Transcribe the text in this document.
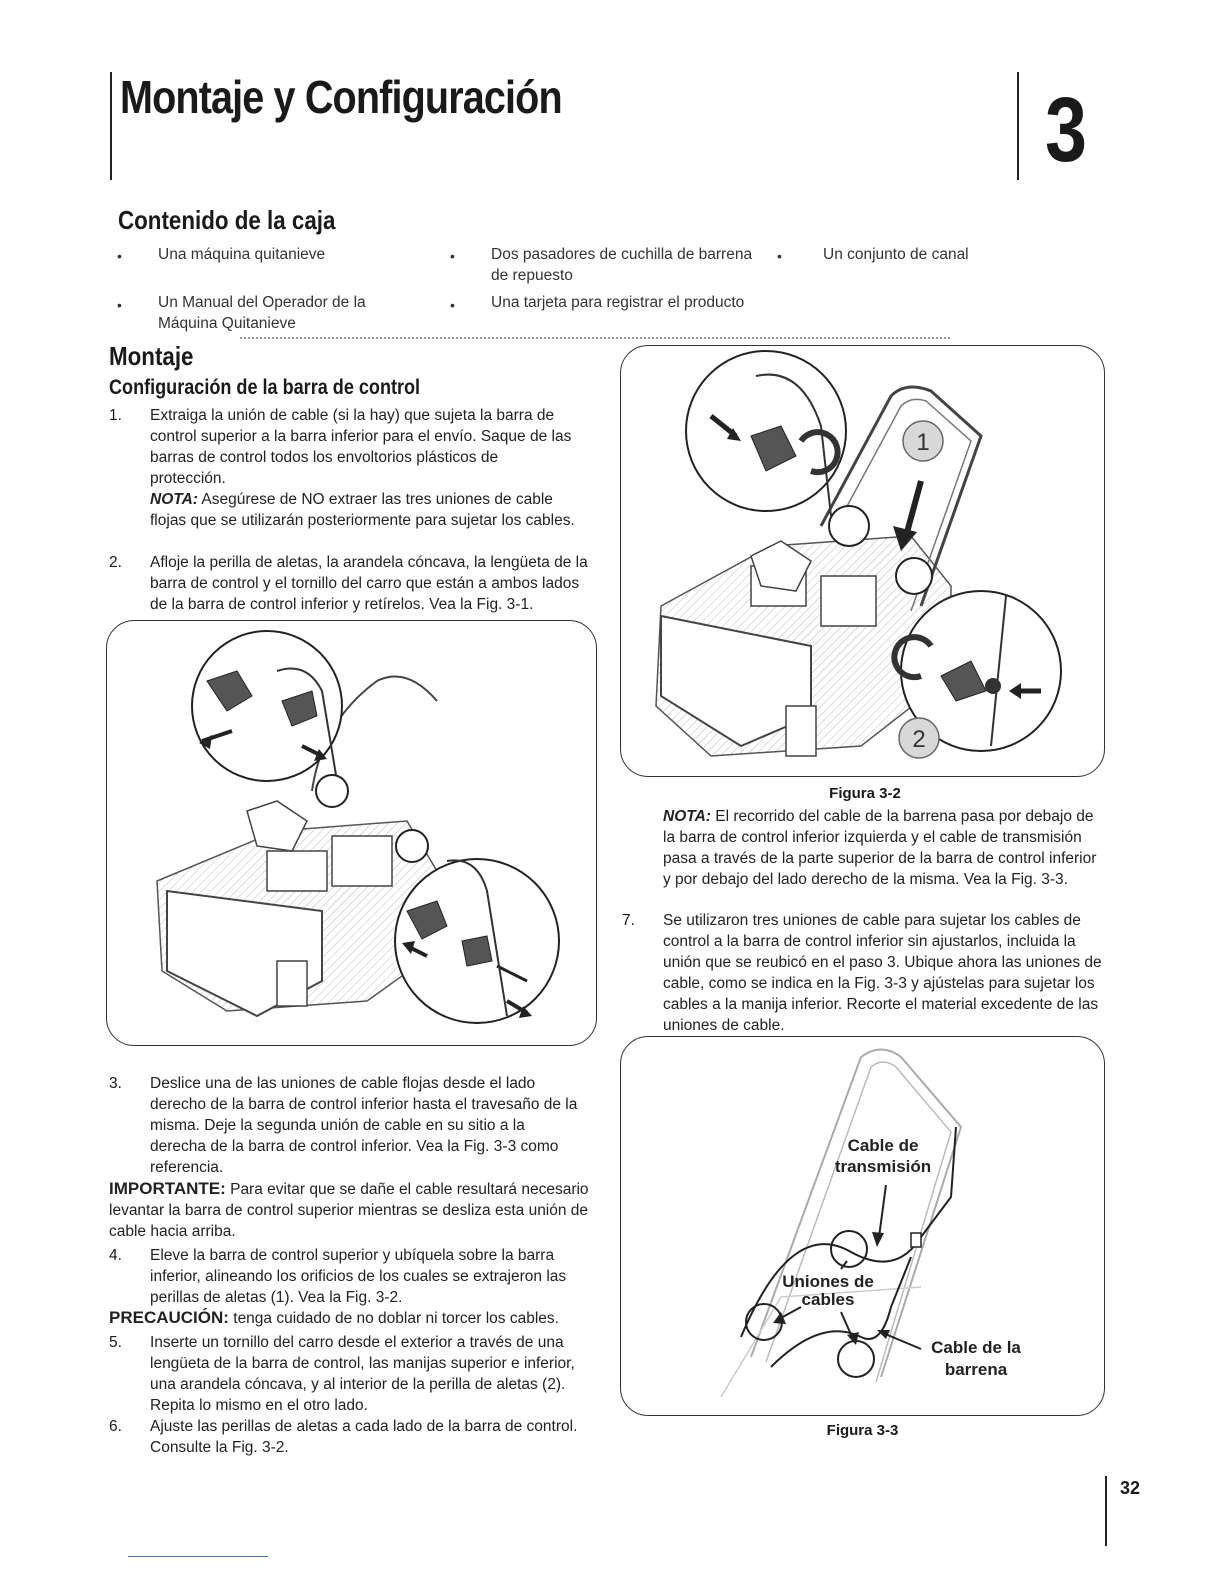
Montaje y Configuración	3
Contenido de la caja
• Una máquina quitanieve	• Dos pasadores de cuchilla de barrena de repuesto
•	Un conjunto de canal
• Un Manual del Operador de la Máquina Quitanieve
• Una tarjeta para registrar el producto
Montaje
Configuración de la barra de control
1. Extraiga la unión de cable (si la hay) que sujeta la barra de control superior a la barra inferior para el envío. Saque de las barras de control todos los envoltorios plásticos de protección.
NOTA: Asegúrese de NO extraer las tres uniones de cable flojas que se utilizarán posteriormente para sujetar los cables.
2. Afloje la perilla de aletas, la arandela cóncava, la lengüeta de la barra de control y el tornillo del carro que están a ambos lados de la barra de control inferior y retírelos. Vea la Fig. 3-1.
3. Deslice una de las uniones de cable flojas desde el lado derecho de la barra de control inferior hasta el travesaño de la misma. Deje la segunda unión de cable en su sitio a la derecha de la barra de control inferior. Vea la Fig. 3-3 como referencia.
IMPORTANTE: Para evitar que se dañe el cable resultará necesario levantar la barra de control superior mientras se desliza esta unión de cable hacia arriba.
4. Eleve la barra de control superior y ubíquela sobre la barra inferior, alineando los orificios de los cuales se extrajeron las perillas de aletas (1). Vea la Fig. 3-2.
PRECAUCIÓN: tenga cuidado de no doblar ni torcer los cables.
5. Inserte un tornillo del carro desde el exterior a través de una lengüeta de la barra de control, las manijas superior e inferior, una arandela cóncava, y al interior de la perilla de aletas (2). Repita lo mismo en el otro lado.
6. Ajuste las perillas de aletas a cada lado de la barra de control. Consulte la Fig. 3-2.
1
2
Figura 3-2
NOTA: El recorrido del cable de la barrena pasa por debajo de la barra de control inferior izquierda y el cable de transmisión pasa a través de la parte superior de la barra de control inferior y por debajo del lado derecho de la misma. Vea la Fig. 3-3.
7. Se utilizaron tres uniones de cable para sujetar los cables de control a la barra de control inferior sin ajustarlos, incluida la unión que se reubicó en el paso 3. Ubique ahora las uniones de cable, como se indica en la Fig. 3-3 y ajústelas para sujetar los cables a la manija inferior. Recorte el material excedente de las uniones de cable.
Cable de
transmisión
Uniones de
cables
Cable de la
barrena
Figura 3-3
32
